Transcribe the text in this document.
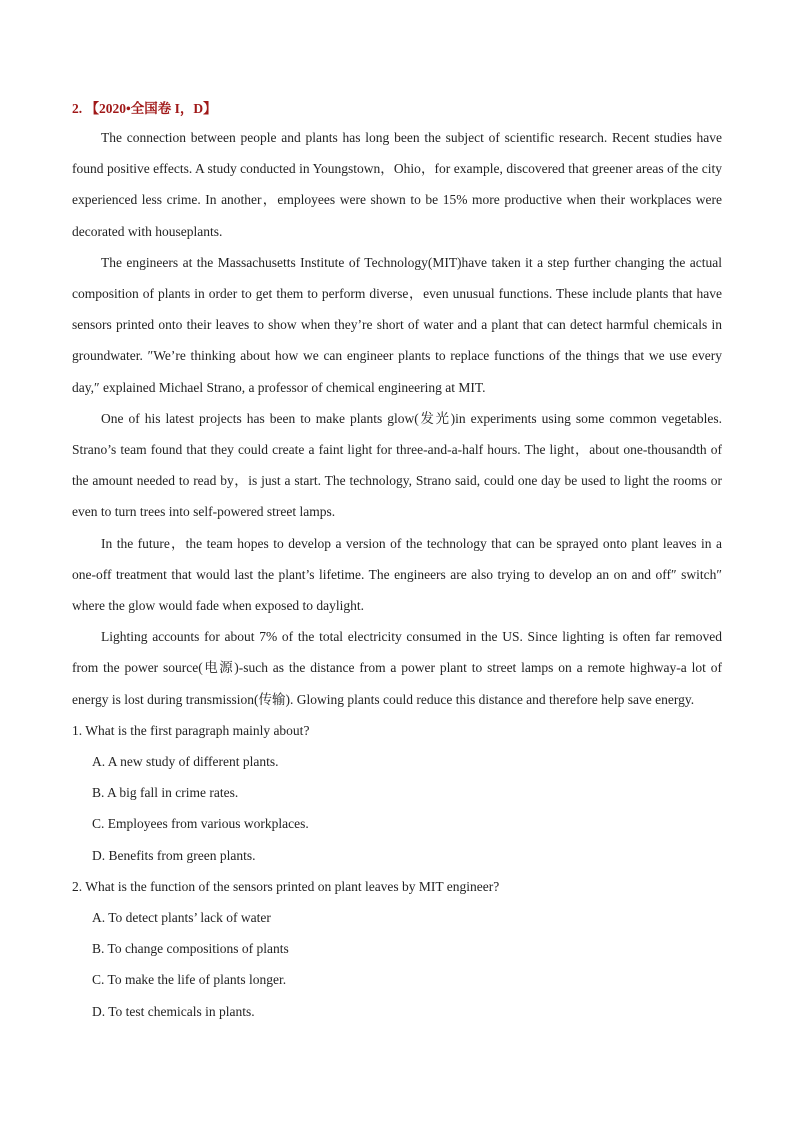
2. 【2020•全国卷 I，D】

The connection between people and plants has long been the subject of scientific research. Recent studies have found positive effects. A study conducted in Youngstown，Ohio，for example, discovered that greener areas of the city experienced less crime. In another，employees were shown to be 15% more productive when their workplaces were decorated with houseplants.

The engineers at the Massachusetts Institute of Technology(MIT)have taken it a step further changing the actual composition of plants in order to get them to perform diverse，even unusual functions. These include plants that have sensors printed onto their leaves to show when they’re short of water and a plant that can detect harmful chemicals in groundwater. ″We’re thinking about how we can engineer plants to replace functions of the things that we use every day,″ explained Michael Strano, a professor of chemical engineering at MIT.

One of his latest projects has been to make plants glow(发光)in experiments using some common vegetables. Strano’s team found that they could create a faint light for three-and-a-half hours. The light，about one-thousandth of the amount needed to read by，is just a start. The technology, Strano said, could one day be used to light the rooms or even to turn trees into self-powered street lamps.

In the future，the team hopes to develop a version of the technology that can be sprayed onto plant leaves in a one-off treatment that would last the plant’s lifetime. The engineers are also trying to develop an on and off″ switch″ where the glow would fade when exposed to daylight.

Lighting accounts for about 7% of the total electricity consumed in the US. Since lighting is often far removed from the power source(电源)-such as the distance from a power plant to street lamps on a remote highway-a lot of energy is lost during transmission(传输). Glowing plants could reduce this distance and therefore help save energy.

1. What is the first paragraph mainly about?

A. A new study of different plants.

B. A big fall in crime rates.

C. Employees from various workplaces.

D. Benefits from green plants.

2. What is the function of the sensors printed on plant leaves by MIT engineer?

A. To detect plants’ lack of water

B. To change compositions of plants

C. To make the life of plants longer.

D. To test chemicals in plants.
